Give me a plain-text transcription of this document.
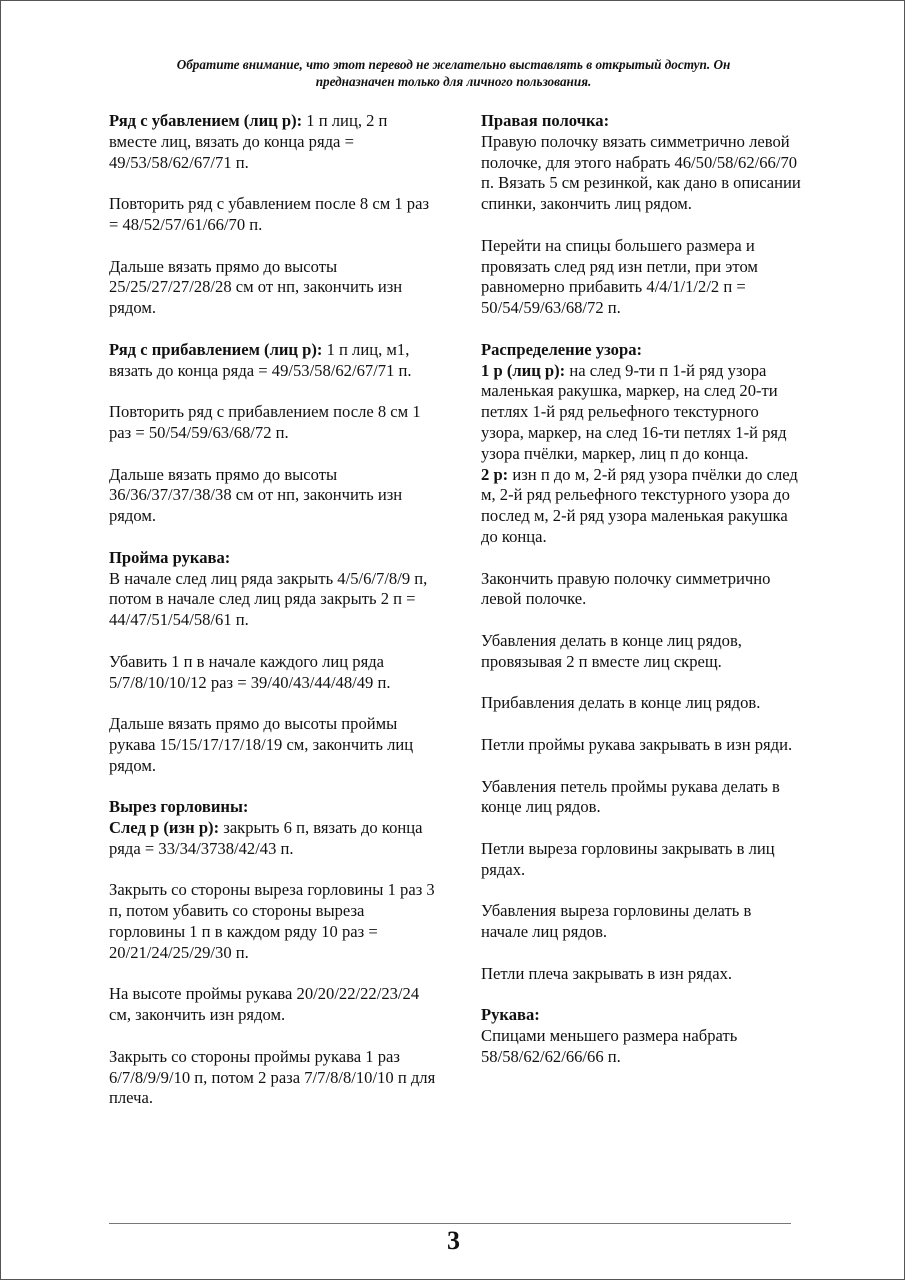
Обратите внимание, что этот перевод не желательно выставлять в открытый доступ. Он
предназначен только для личного пользования.

Ряд с убавлением (лиц р): 1 п лиц, 2 п вместе лиц, вязать до конца ряда = 49/53/58/62/67/71 п.

Повторить ряд с убавлением после 8 см 1 раз = 48/52/57/61/66/70 п.

Дальше вязать прямо до высоты 25/25/27/27/28/28 см от нп, закончить изн рядом.

Ряд с прибавлением (лиц р): 1 п лиц, м1, вязать до конца ряда = 49/53/58/62/67/71 п.

Повторить ряд с прибавлением после 8 см 1 раз = 50/54/59/63/68/72 п.

Дальше вязать прямо до высоты 36/36/37/37/38/38 см от нп, закончить изн рядом.

Пройма рукава:

В начале след лиц ряда закрыть 4/5/6/7/8/9 п, потом в начале след лиц ряда закрыть 2 п = 44/47/51/54/58/61 п.

Убавить 1 п в начале каждого лиц ряда 5/7/8/10/10/12 раз = 39/40/43/44/48/49 п.

Дальше вязать прямо до высоты проймы рукава 15/15/17/17/18/19 см, закончить лиц рядом.

Вырез горловины:

След р (изн р): закрыть 6 п, вязать до конца ряда = 33/34/3738/42/43 п.

Закрыть со стороны выреза горловины 1 раз 3 п, потом убавить со стороны выреза горловины 1 п в каждом ряду 10 раз = 20/21/24/25/29/30 п.

На высоте проймы рукава 20/20/22/22/23/24 см, закончить изн рядом.

Закрыть со стороны проймы рукава 1 раз 6/7/8/9/9/10 п, потом 2 раза 7/7/8/8/10/10 п для плеча.

Правая полочка:

Правую полочку вязать симметрично левой полочке, для этого набрать 46/50/58/62/66/70 п. Вязать 5 см резинкой, как дано в описании спинки, закончить лиц рядом.

Перейти на спицы большего размера и провязать след ряд изн петли, при этом равномерно прибавить 4/4/1/1/2/2 п = 50/54/59/63/68/72 п.

Распределение узора:

1 р (лиц р): на след 9-ти п 1-й ряд узора маленькая ракушка, маркер, на след 20-ти петлях 1-й ряд рельефного текстурного узора, маркер, на след 16-ти петлях 1-й ряд узора пчёлки, маркер, лиц п до конца.

2 р: изн п до м, 2-й ряд узора пчёлки до след м, 2-й ряд рельефного текстурного узора до послед м, 2-й ряд узора маленькая ракушка до конца.

Закончить правую полочку симметрично левой полочке.

Убавления делать в конце лиц рядов, провязывая 2 п вместе лиц скрещ.

Прибавления делать в конце лиц рядов.

Петли проймы рукава закрывать в изн ряди.

Убавления петель проймы рукава делать в конце лиц рядов.

Петли выреза горловины закрывать в лиц рядах.

Убавления выреза горловины делать в начале лиц рядов.

Петли плеча закрывать в изн рядах.

Рукава:

Спицами меньшего размера набрать 58/58/62/62/66/66 п.

3
